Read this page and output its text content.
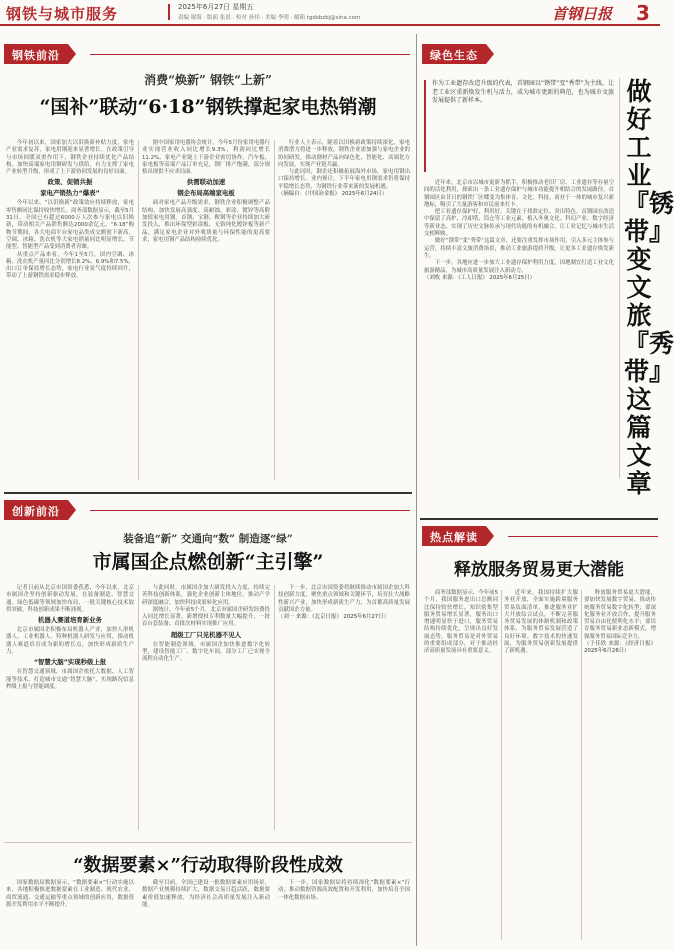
钢铁与城市服务	2025年6月27日 星期五
责编 谢海 · 版面 张晨 · 校对 孙伟 · 美编 李明 · 邮箱 tgdsbzbj@sina.com	首钢日报	3
钢铁前沿
消费“焕新” 钢铁“上新”
“国补”联动“6·18”钢铁撑起家电热销潮

今年初以来，国家加大以旧换新补贴力度，家电产业需求复苏，家电用钢迎来显著增长。在政策引导与市场回暖双重作用下，钢铁企业持续优化产品结构，加快高端家电用钢研发与供给，有力支撑了家电产业转型升级，形成了上下游协同发展的良好局面。

政策、促销共振
家电产销热力“爆表”

今年以来，“以旧换新”政策效应持续释放，家电零售额同比保持较快增长。商务部数据显示，截至5月31日，全国已有超过6000万人次参与家电以旧换新，带动相关产品销售额达2000余亿元。“6·18”购物节期间，各大电商平台家电品类成交额创下新高，空调、冰箱、洗衣机等大家电销量同比明显增长，节能型、智能型产品受到消费者青睐。

从重点产品来看，今年1至5月，国内空调、冰箱、洗衣机产量同比分别增长8.2%、6.9%和7.5%，出口订单保持增长态势，家电行业景气度持续回升，带动了上游钢铁需求稳步释放。

据中国家用电器协会统计，今年5月份家用电器行业实现营业收入同比增长9.3%，利润同比增长11.2%。家电产业链上下游企业密切协作，汽车板、家电板等高端产品订单充足，钢厂排产饱满，部分规格出现供不应求局面。

供需联动加速
钢企布局高端家电板

面对家电产品升级需求，钢铁企业积极调整产品结构，加快发展高强度、高耐蚀、彩涂、镀锌等高附加值家电用钢。首钢、宝钢、鞍钢等企业持续加大研发投入，推出环保型彩涂板、无铬钝化镀锌板等新产品，满足家电企业对外观质量与环保性能的更高要求，家电用钢产品结构持续优化。

行业人士表示，随着以旧换新政策持续深化，家电消费潜力将进一步释放，钢铁企业需加强与家电企业的协同研发，推动钢材产品向绿色化、智能化、高端化方向发展，实现产业链共赢。

与此同时，钢企还积极拓展海外市场，家电用钢出口保持增长。业内预计，下半年家电用钢需求仍将保持平稳增长态势，为钢铁行业带来新的发展机遇。

（摘编自：《中国冶金报》 2025年6月24日）
创新前沿
装备追“新” 交通向“数” 制造逐“绿”
市属国企点燃创新“主引擎”

记者日前从北京市国资委获悉，今年以来，北京市属国企坚持创新驱动发展，在装备制造、智慧交通、绿色低碳等领域加快布局，一批关键核心技术取得突破，科技创新成果不断涌现。

机器人赛道培育新业务

北京市属国企积极布局机器人产业，加快人形机器人、工业机器人、特种机器人研发与应用，推动机器人赛道培育成为新的增长点，加快形成新质生产力。

“智慧大脑”实现秒级上报

在智慧交通领域，市属国企依托大数据、人工智能等技术，打造城市交通“智慧大脑”，实现路况信息秒级上报与智能调度。

与此同时，市属国企加大研发投入力度，持续完善科技创新体系，强化企业创新主体地位，推动产学研深度融合，加快科技成果转化应用。

据统计，今年前5个月，北京市属国企研发经费投入同比增长显著，新增授权专利数量大幅提升，一批首台套装备、首批次材料实现推广应用。

超级工厂只见机器不见人

在智能制造领域，市属国企加快推进数字化转型，建设智能工厂、数字化车间，部分工厂已实现全流程自动化生产。

下一步，北京市国资委将继续推动市属国企加大科技创新力度，聚焦重点领域和关键环节，培育壮大战略性新兴产业，加快形成新质生产力，为首都高质量发展贡献国企力量。

（刘一 来源：《北京日报》 2025年6月27日）
“数据要素×”行动取得阶段性成效

国家数据局数据显示，“数据要素×”行动实施以来，各地积极推进数据要素在工业制造、现代农业、商贸流通、交通运输等重点领域的创新应用，数据资源开发利用水平不断提升。

截至目前，全国已建设一批数据要素应用场景，数据产业规模持续扩大，数据交易日趋活跃，数据要素价值加速释放，为经济社会高质量发展注入新动能。

下一步，国家数据局将持续深化“数据要素×”行动，推动数据资源高效配置和开发利用，加快培育全国一体化数据市场。

绿色生态
作为工业遗存改造升级的代表，首钢园以“锈带”变“秀带”为主线，让老工业区重新焕发生机与活力，成为城市更新的典范，也为城市文旅发展提供了新样本。	做好工业『锈带』变文旅『秀带』这篇文章

近年来，北京市以城市更新为抓手，积极推动老旧厂房、工业遗存等存量空间的活化利用，探索出一条工业遗存保护与城市功能提升相结合的发展路径。首钢园区由昔日的钢铁厂区蝶变为集体育、文化、科技、商业于一体的城市复兴新地标，吸引了大量游客和市民前来打卡。

把工业遗存保护好、利用好，关键在于找准定位、突出特色。首钢园在改造中保留了高炉、冷却塔、筒仓等工业元素，植入冬奥文化、科幻产业、数字经济等新业态，实现了历史文脉传承与现代功能的有机融合，让工业记忆与城市生活交相辉映。

做好“锈带”变“秀带”这篇文章，还要注重发挥市场作用，引入多元主体参与运营，持续丰富文旅消费场景，推动工业旅游提质升级，让更多工业遗存焕发新生。

下一步，各地应进一步加大工业遗存保护利用力度，因地制宜打造工业文化旅游精品，为城市高质量发展注入新动力。

（刘枚 来源：《工人日报》 2025年6月25日）
热点解读
释放服务贸易更大潜能

商务部数据显示，今年前5个月，我国服务进出口总额同比保持较快增长，知识密集型服务贸易增长显著，服务出口增速明显快于进口，服务贸易结构持续优化，呈现出良好发展态势。服务贸易是对外贸易的重要组成部分，对于推动经济高质量发展具有重要意义。

近年来，我国持续扩大服务业开放，全面实施跨境服务贸易负面清单，推进服务业扩大开放综合试点，不断完善服务贸易发展的体制机制和政策体系，为服务贸易发展营造了良好环境。数字技术的快速发展，为服务贸易创新发展提供了新机遇。

释放服务贸易更大潜能，要加快发展数字贸易，推动传统服务贸易数字化转型；要深化服务业开放合作，提升服务贸易自由化便利化水平；要培育服务贸易新业态新模式，增强服务贸易国际竞争力。

（于佳欣 来源：《经济日报》 2025年6月26日）
